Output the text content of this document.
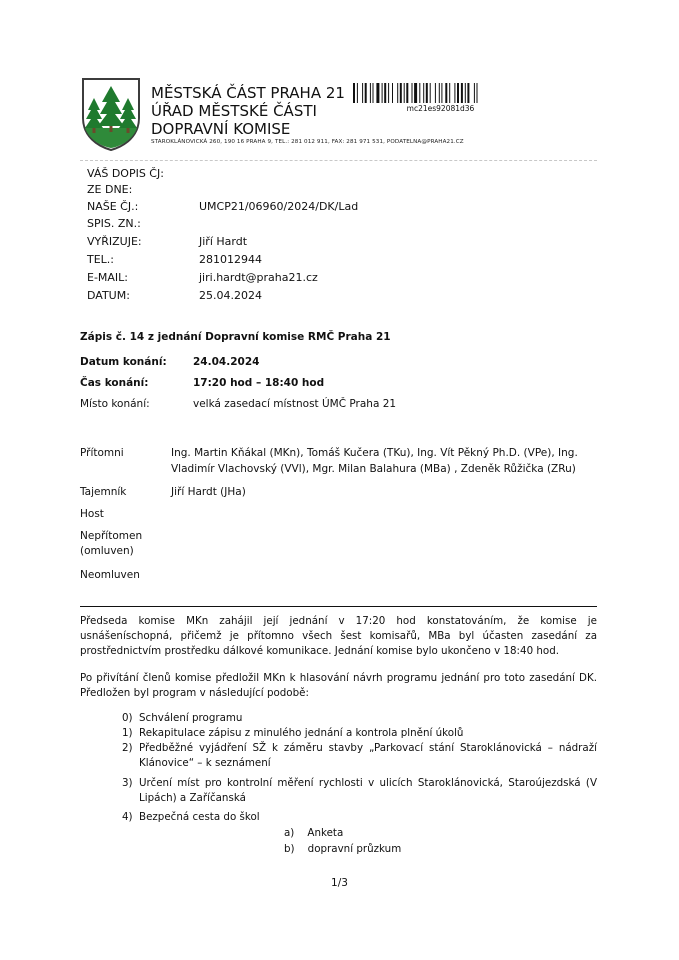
MĚSTSKÁ ČÁST PRAHA 21
ÚŘAD MĚSTSKÉ ČÁSTI
DOPRAVNÍ KOMISE
STAROKLÁNOVICKÁ 260, 190 16 PRAHA 9, TEL.: 281 012 911, FAX: 281 971 531, PODATELNA@PRAHA21.CZ
mc21es92081d36
VÁŠ DOPIS ČJ:
ZE DNE:
NAŠE ČJ.:	UMCP21/06960/2024/DK/Lad
SPIS. ZN.:
VYŘIZUJE:	Jiří Hardt
TEL.:	281012944
E-MAIL:	jiri.hardt@praha21.cz
DATUM:	25.04.2024
Zápis č. 14 z jednání Dopravní komise RMČ Praha 21
Datum konání:	24.04.2024
Čas konání:	17:20 hod – 18:40 hod
Místo konání:	velká zasedací místnost ÚMČ Praha 21
Přítomni	Ing. Martin Kňákal (MKn), Tomáš Kučera (TKu), Ing. Vít Pěkný Ph.D. (VPe), Ing.
Vladimír Vlachovský (VVl), Mgr. Milan Balahura (MBa) , Zdeněk Růžička (ZRu)
Tajemník	Jiří Hardt (JHa)
Host
Nepřítomen
(omluven)
Neomluven
Předseda komise MKn zahájil její jednání v 17:20 hod konstatováním, že komise je usnášeníschopná, přičemž je přítomno všech šest komisařů, MBa byl účasten zasedání za prostřednictvím prostředku dálkové komunikace. Jednání komise bylo ukončeno v 18:40 hod.
Po přivítání členů komise předložil MKn k hlasování návrh programu jednání pro toto zasedání DK. Předložen byl program v následující podobě:
0) Schválení programu
1) Rekapitulace zápisu z minulého jednání a kontrola plnění úkolů
2) Předběžné vyjádření SŽ k záměru stavby „Parkovací stání Staroklánovická – nádraží Klánovice“ – k seznámení
3) Určení míst pro kontrolní měření rychlosti v ulicích Staroklánovická, Staroújezdská (V Lipách) a Zaříčanská
4) Bezpečná cesta do škol
a) Anketa
b) dopravní průzkum
1/3
